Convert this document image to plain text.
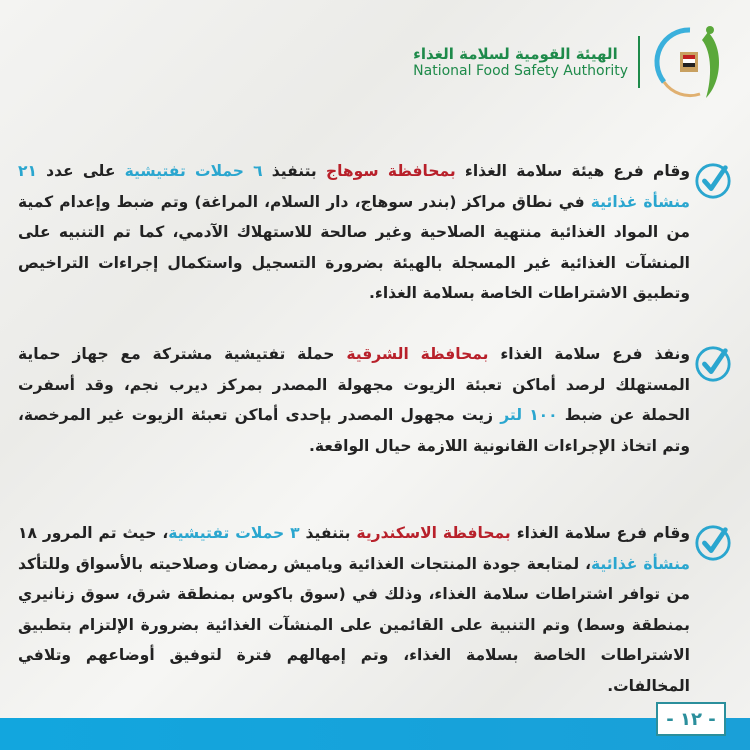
الهيئة القومية لسلامة الغذاء
National Food Safety Authority
وقام فرع هيئة سلامة الغذاء بمحافظة سوهاج بتنفيذ ٦ حملات تفتيشية على عدد ٢١ منشأة غذائية في نطاق مراكز (بندر سوهاج، دار السلام، المراغة) وتم ضبط وإعدام كمية من المواد الغذائية منتهية الصلاحية وغير صالحة للاستهلاك الآدمي، كما تم التنبيه على المنشآت الغذائية غير المسجلة بالهيئة بضرورة التسجيل واستكمال إجراءات التراخيص وتطبيق الاشتراطات الخاصة بسلامة الغذاء.
ونفذ فرع سلامة الغذاء بمحافظة الشرقية حملة تفتيشية مشتركة مع جهاز حماية المستهلك لرصد أماكن تعبئة الزيوت مجهولة المصدر بمركز ديرب نجم، وقد أسفرت الحملة عن ضبط ١٠٠ لتر زيت مجهول المصدر بإحدى أماكن تعبئة الزيوت غير المرخصة، وتم اتخاذ الإجراءات القانونية اللازمة حيال الواقعة.
وقام فرع سلامة الغذاء بمحافظة الاسكندرية بتنفيذ ٣ حملات تفتيشية، حيث تم المرور ١٨ منشأة غذائية، لمتابعة جودة المنتجات الغذائية وياميش رمضان وصلاحيته بالأسواق وللتأكد من توافر اشتراطات سلامة الغذاء، وذلك في (سوق باكوس بمنطقة شرق، سوق زنانيري بمنطقة وسط) وتم التنبية على القائمين على المنشآت الغذائية بضرورة الإلتزام بتطبيق الاشتراطات الخاصة بسلامة الغذاء، وتم إمهالهم فترة لتوفيق أوضاعهم وتلافي المخالفات.
- ١٢ -
